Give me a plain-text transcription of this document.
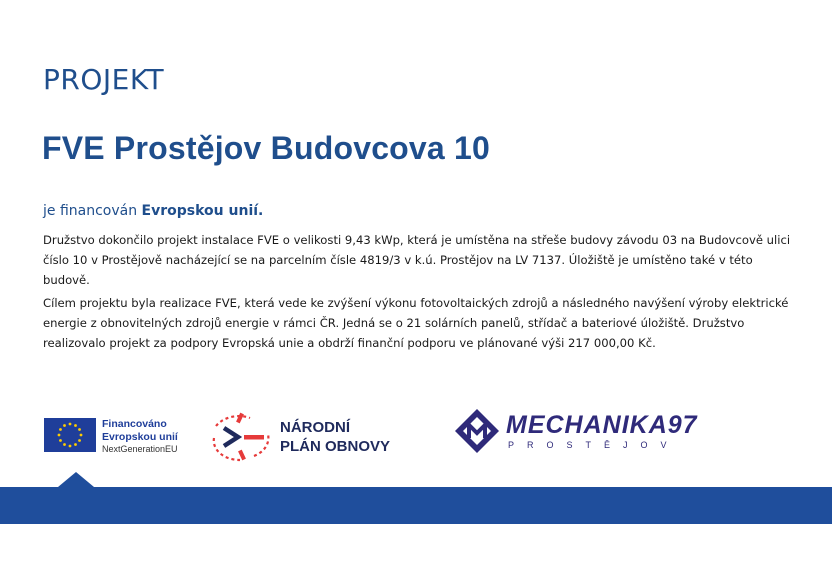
PROJEKT
FVE Prostějov Budovcova 10
je financován Evropskou unií.

Družstvo dokončilo projekt instalace FVE o velikosti 9,43 kWp, která je umístěna na střeše budovy závodu 03 na Budovcově ulici číslo 10 v Prostějově nacházející se na parcelním čísle 4819/3 v k.ú. Prostějov na LV 7137. Úložiště je umístěno také v této budově.

Cílem projektu byla realizace FVE, která vede ke zvýšení výkonu fotovoltaických zdrojů a následného navýšení výroby elektrické energie z obnovitelných zdrojů energie v rámci ČR. Jedná se o 21 solárních panelů, střídač a bateriové úložiště. Družstvo realizovalo projekt za podpory Evropská unie a obdrží finanční podporu ve plánované výši 217 000,00 Kč.

Financováno
Evropskou unií
NextGenerationEU
NÁRODNÍ
PLÁN OBNOVY
MECHANIKA97
PROSTĚJOV
